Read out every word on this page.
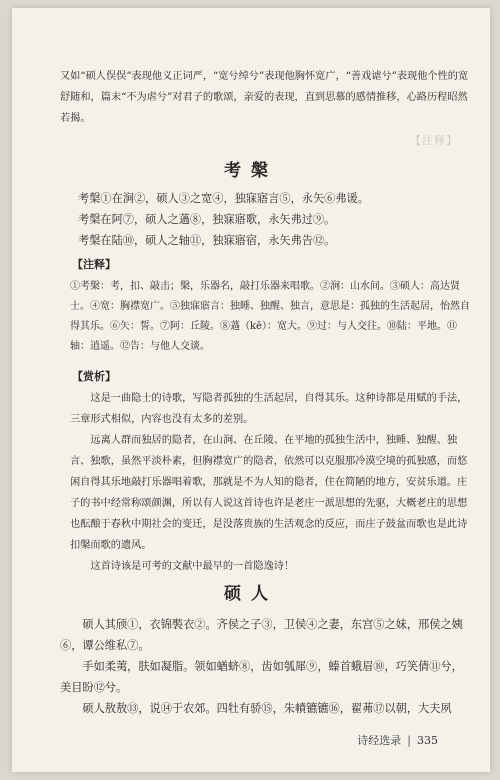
【注释】

又如“硕人俣俣”表现他义正词严，“宽兮绰兮”表现他胸怀宽广，“善戏谑兮”表现他个性的宽舒随和，篇末“不为虐兮”对君子的歌颂，亲爱的表现，直到思慕的感情推移，心路历程昭然若揭。

考槃

考槃①在涧②，硕人③之宽④，独寐寤言⑤，永矢⑥弗谖。

考槃在阿⑦，硕人之薖⑧，独寐寤歌，永矢弗过⑨。

考槃在陆⑩，硕人之轴⑪，独寐寤宿，永矢弗告⑫。

【注释】
①考槃：考，扣、敲击；槃，乐器名，敲打乐器来唱歌。②涧：山水间。③硕人：高达贤士。④宽：胸襟宽广。⑤独寐寤言：独睡、独醒、独言，意思是：孤独的生活起居，怡然自得其乐。⑥矢：誓。⑦阿：丘陵。⑧薖（kē）：宽大。⑨过：与人交往。⑩陆：平地。⑪轴：逍遥。⑫告：与他人交谈。
【赏析】

这是一曲隐士的诗歌，写隐者孤独的生活起居，自得其乐。这种诗都是用赋的手法，三章形式相似，内容也没有太多的差别。

远离人群而独居的隐者，在山涧、在丘陵、在平地的孤独生活中，独睡、独醒、独言、独歌，虽然平淡朴素，但胸襟宽广的隐者，依然可以克服那冷漠空境的孤独感，而悠闲自得其乐地敲打乐器唱着歌，那就是不为人知的隐者，住在简陋的地方，安贫乐道。庄子的书中经常称颂颜渊，所以有人说这首诗也许是老庄一派思想的先驱，大概老庄的思想也酝酿于春秋中期社会的变迁，是没落贵族的生活观念的反应，而庄子鼓盆而歌也是此诗扣槃而歌的遗风。

这首诗该是可考的文献中最早的一首隐逸诗！

硕人

硕人其颀①，衣锦褧衣②。齐侯之子③，卫侯④之妻，东宫⑤之妹，邢侯之姨⑥，谭公维私⑦。

手如柔荑，肤如凝脂。领如蝤蛴⑧，齿如瓠犀⑨，螓首蛾眉⑩，巧笑倩⑪兮，美目盼⑫兮。

硕人敖敖⑬，说⑭于农郊。四牡有骄⑮，朱幩镳镳⑯，翟茀⑰以朝，大夫夙

诗经选录 | 335
